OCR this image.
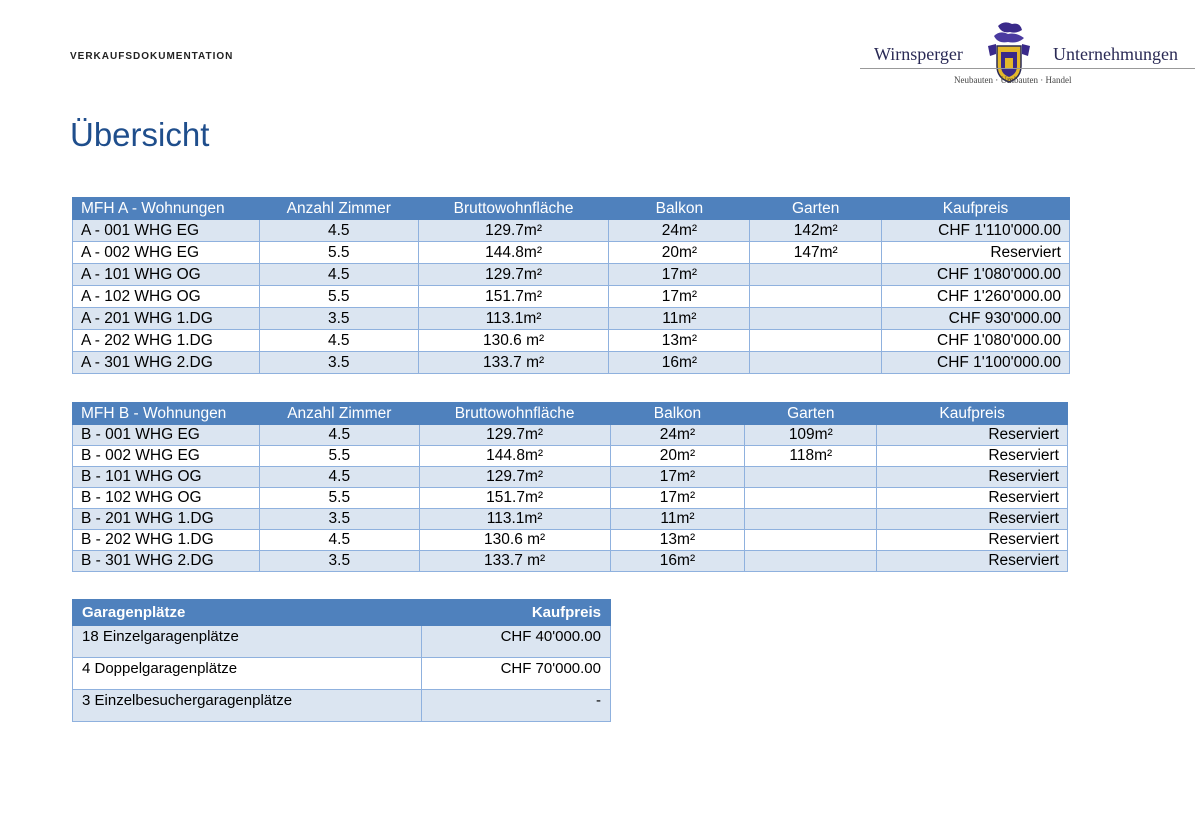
VERKAUFSDOKUMENTATION	Wirnsperger	Unternehmungen
Neubauten · Umbauten · Handel
Übersicht
MFH A - Wohnungen	Anzahl Zimmer	Bruttowohnfläche	Balkon	Garten	Kaufpreis
A - 001 WHG EG	4.5	129.7m²	24m²	142m²	CHF 1'110'000.00
A - 002 WHG EG	5.5	144.8m²	20m²	147m²	Reserviert
A - 101 WHG OG	4.5	129.7m²	17m²		CHF 1'080'000.00
A - 102 WHG OG	5.5	151.7m²	17m²		CHF 1'260'000.00
A - 201 WHG 1.DG	3.5	113.1m²	11m²		CHF 930'000.00
A - 202 WHG 1.DG	4.5	130.6 m²	13m²		CHF 1'080'000.00
A - 301 WHG 2.DG	3.5	133.7 m²	16m²		CHF 1'100'000.00
MFH B - Wohnungen	Anzahl Zimmer	Bruttowohnfläche	Balkon	Garten	Kaufpreis
B - 001 WHG EG	4.5	129.7m²	24m²	109m²	Reserviert
B - 002 WHG EG	5.5	144.8m²	20m²	118m²	Reserviert
B - 101 WHG OG	4.5	129.7m²	17m²		Reserviert
B - 102 WHG OG	5.5	151.7m²	17m²		Reserviert
B - 201 WHG 1.DG	3.5	113.1m²	11m²		Reserviert
B - 202 WHG 1.DG	4.5	130.6 m²	13m²		Reserviert
B - 301 WHG 2.DG	3.5	133.7 m²	16m²		Reserviert
Garagenplätze	Kaufpreis
18 Einzelgaragenplätze	CHF 40'000.00
4 Doppelgaragenplätze	CHF 70'000.00
3 Einzelbesuchergaragenplätze	-
